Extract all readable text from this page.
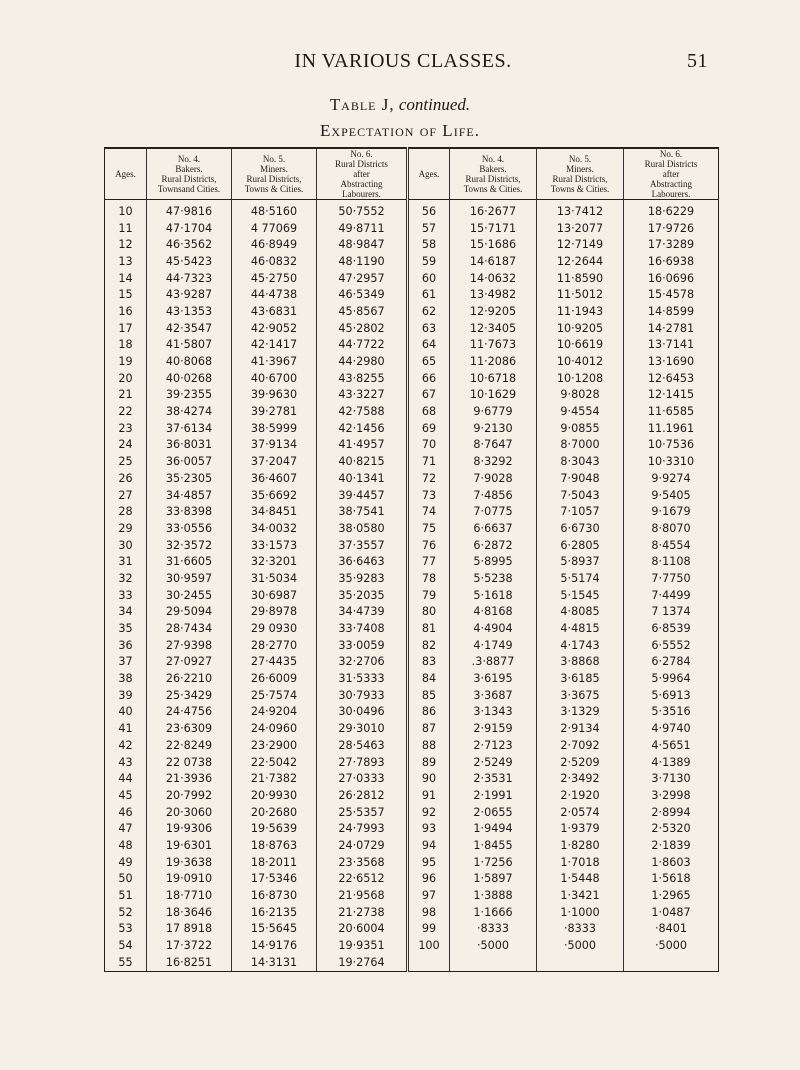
IN VARIOUS CLASSES.	51
Table J, continued.
Expectation of Life.
Ages.	No. 4.
Bakers.
Rural Districts,
Townsand Cities.	No. 5.
Miners.
Rural Districts,
Towns & Cities.	No. 6.
Rural Districts
after
Abstracting
Labourers.	Ages.	No. 4.
Bakers.
Rural Districts,
Towns & Cities.	No. 5.
Miners.
Rural Districts,
Towns & Cities.	No. 6.
Rural Districts
after
Abstracting
Labourers.

10	47·9816	48·5160	50·7552	56	16·2677	13·7412	18·6229
11	47·1704	4 77069	49·8711	57	15·7171	13·2077	17·9726
12	46·3562	46·8949	48·9847	58	15·1686	12·7149	17·3289
13	45·5423	46·0832	48·1190	59	14·6187	12·2644	16·6938
14	44·7323	45·2750	47·2957	60	14·0632	11·8590	16·0696
15	43·9287	44·4738	46·5349	61	13·4982	11·5012	15·4578
16	43·1353	43·6831	45·8567	62	12·9205	11·1943	14·8599
17	42·3547	42·9052	45·2802	63	12·3405	10·9205	14·2781
18	41·5807	42·1417	44·7722	64	11·7673	10·6619	13·7141
19	40·8068	41·3967	44·2980	65	11·2086	10·4012	13·1690
20	40·0268	40·6700	43·8255	66	10·6718	10·1208	12·6453
21	39·2355	39·9630	43·3227	67	10·1629	9·8028	12·1415
22	38·4274	39·2781	42·7588	68	9·6779	9·4554	11·6585
23	37·6134	38·5999	42·1456	69	9·2130	9·0855	11.1961
24	36·8031	37·9134	41·4957	70	8·7647	8·7000	10·7536
25	36·0057	37·2047	40·8215	71	8·3292	8·3043	10·3310
26	35·2305	36·4607	40·1341	72	7·9028	7·9048	9·9274
27	34·4857	35·6692	39·4457	73	7·4856	7·5043	9·5405
28	33·8398	34·8451	38·7541	74	7·0775	7·1057	9·1679
29	33·0556	34·0032	38·0580	75	6·6637	6·6730	8·8070
30	32·3572	33·1573	37·3557	76	6·2872	6·2805	8·4554
31	31·6605	32·3201	36·6463	77	5·8995	5·8937	8·1108
32	30·9597	31·5034	35·9283	78	5·5238	5·5174	7·7750
33	30·2455	30·6987	35·2035	79	5·1618	5·1545	7·4499
34	29·5094	29·8978	34·4739	80	4·8168	4·8085	7 1374
35	28·7434	29 0930	33·7408	81	4·4904	4·4815	6·8539
36	27·9398	28·2770	33·0059	82	4·1749	4·1743	6·5552
37	27·0927	27·4435	32·2706	83	.3·8877	3·8868	6·2784
38	26·2210	26·6009	31·5333	84	3·6195	3·6185	5·9964
39	25·3429	25·7574	30·7933	85	3·3687	3·3675	5·6913
40	24·4756	24·9204	30·0496	86	3·1343	3·1329	5·3516
41	23·6309	24·0960	29·3010	87	2·9159	2·9134	4·9740
42	22·8249	23·2900	28·5463	88	2·7123	2·7092	4·5651
43	22 0738	22·5042	27·7893	89	2·5249	2·5209	4·1389
44	21·3936	21·7382	27·0333	90	2·3531	2·3492	3·7130
45	20·7992	20·9930	26·2812	91	2·1991	2·1920	3·2998
46	20·3060	20·2680	25·5357	92	2·0655	2·0574	2·8994
47	19·9306	19·5639	24·7993	93	1·9494	1·9379	2·5320
48	19·6301	18·8763	24·0729	94	1·8455	1·8280	2·1839
49	19·3638	18·2011	23·3568	95	1·7256	1·7018	1·8603
50	19·0910	17·5346	22·6512	96	1·5897	1·5448	1·5618
51	18·7710	16·8730	21·9568	97	1·3888	1·3421	1·2965
52	18·3646	16·2135	21·2738	98	1·1666	1·1000	1·0487
53	17 8918	15·5645	20·6004	99	·8333	·8333	·8401
54	17·3722	14·9176	19·9351	100	·5000	·5000	·5000
55	16·8251	14·3131	19·2764				
